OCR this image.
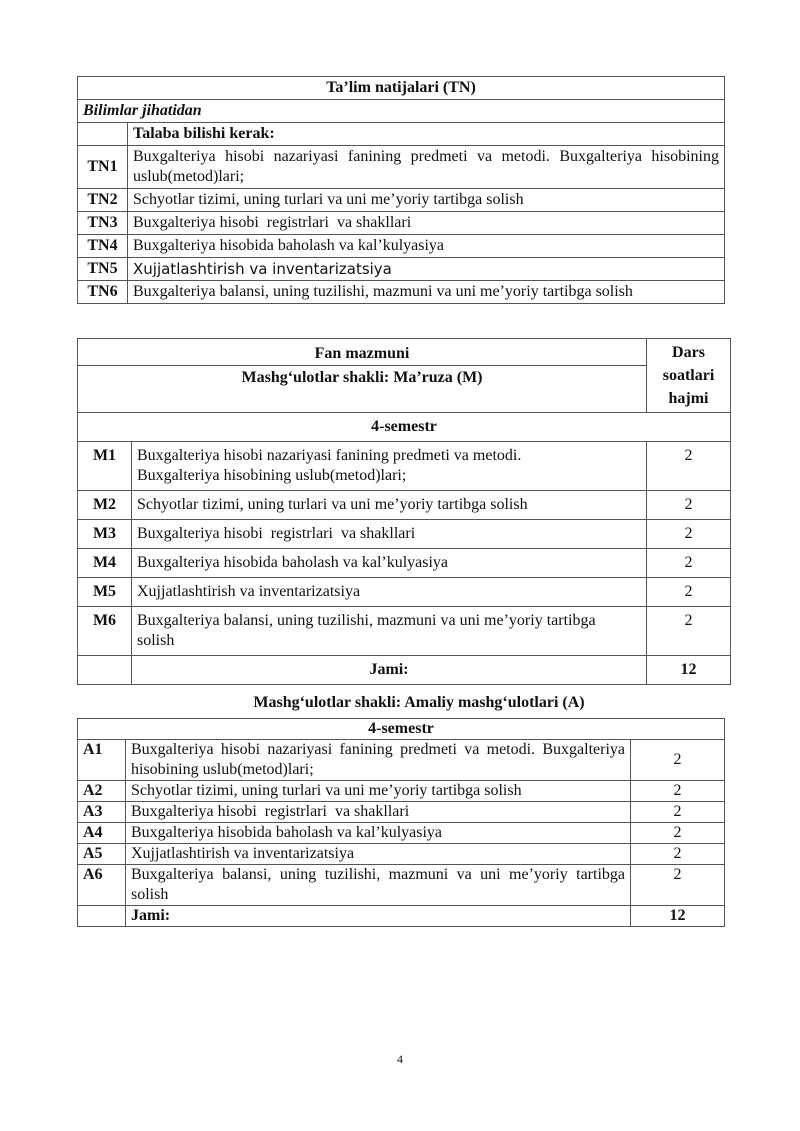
Ta’lim natijalari (TN)	
Bilimlar jihatidan	
	Talaba bilishi kerak:
TN1	Buxgalteriya hisobi nazariyasi fanining predmeti va metodi. Buxgalteriya hisobining uslub(metod)lari;
TN2	Schyotlar tizimi, uning turlari va uni me’yoriy tartibga solish
TN3	Buxgalteriya hisobi  registrlari  va shakllari
TN4	Buxgalteriya hisobida baholash va kal’kulyasiya
TN5	Xujjatlashtirish va inventarizatsiya
TN6	Buxgalteriya balansi, uning tuzilishi, mazmuni va uni me’yoriy tartibga solish
Fan mazmuni		Dars soatlari hajmi
Mashg‘ulotlar shakli: Ma’ruza (M)		
4-semestr		
M1	Buxgalteriya hisobi nazariyasi fanining predmeti va metodi. Buxgalteriya hisobining uslub(metod)lari;	2
M2	Schyotlar tizimi, uning turlari va uni me’yoriy tartibga solish	2
M3	Buxgalteriya hisobi  registrlari  va shakllari	2
M4	Buxgalteriya hisobida baholash va kal’kulyasiya	2
M5	Xujjatlashtirish va inventarizatsiya	2
M6	Buxgalteriya balansi, uning tuzilishi, mazmuni va uni me’yoriy tartibga solish	2
	Jami:	12
Mashg‘ulotlar shakli: Amaliy mashg‘ulotlari (A)
4-semestr		
A1	Buxgalteriya hisobi nazariyasi fanining predmeti va metodi. Buxgalteriya hisobining uslub(metod)lari;	2
A2	Schyotlar tizimi, uning turlari va uni me’yoriy tartibga solish	2
A3	Buxgalteriya hisobi  registrlari  va shakllari	2
A4	Buxgalteriya hisobida baholash va kal’kulyasiya	2
A5	Xujjatlashtirish va inventarizatsiya	2
A6	Buxgalteriya balansi, uning tuzilishi, mazmuni va uni me’yoriy tartibga solish	2
	Jami:	12
4
